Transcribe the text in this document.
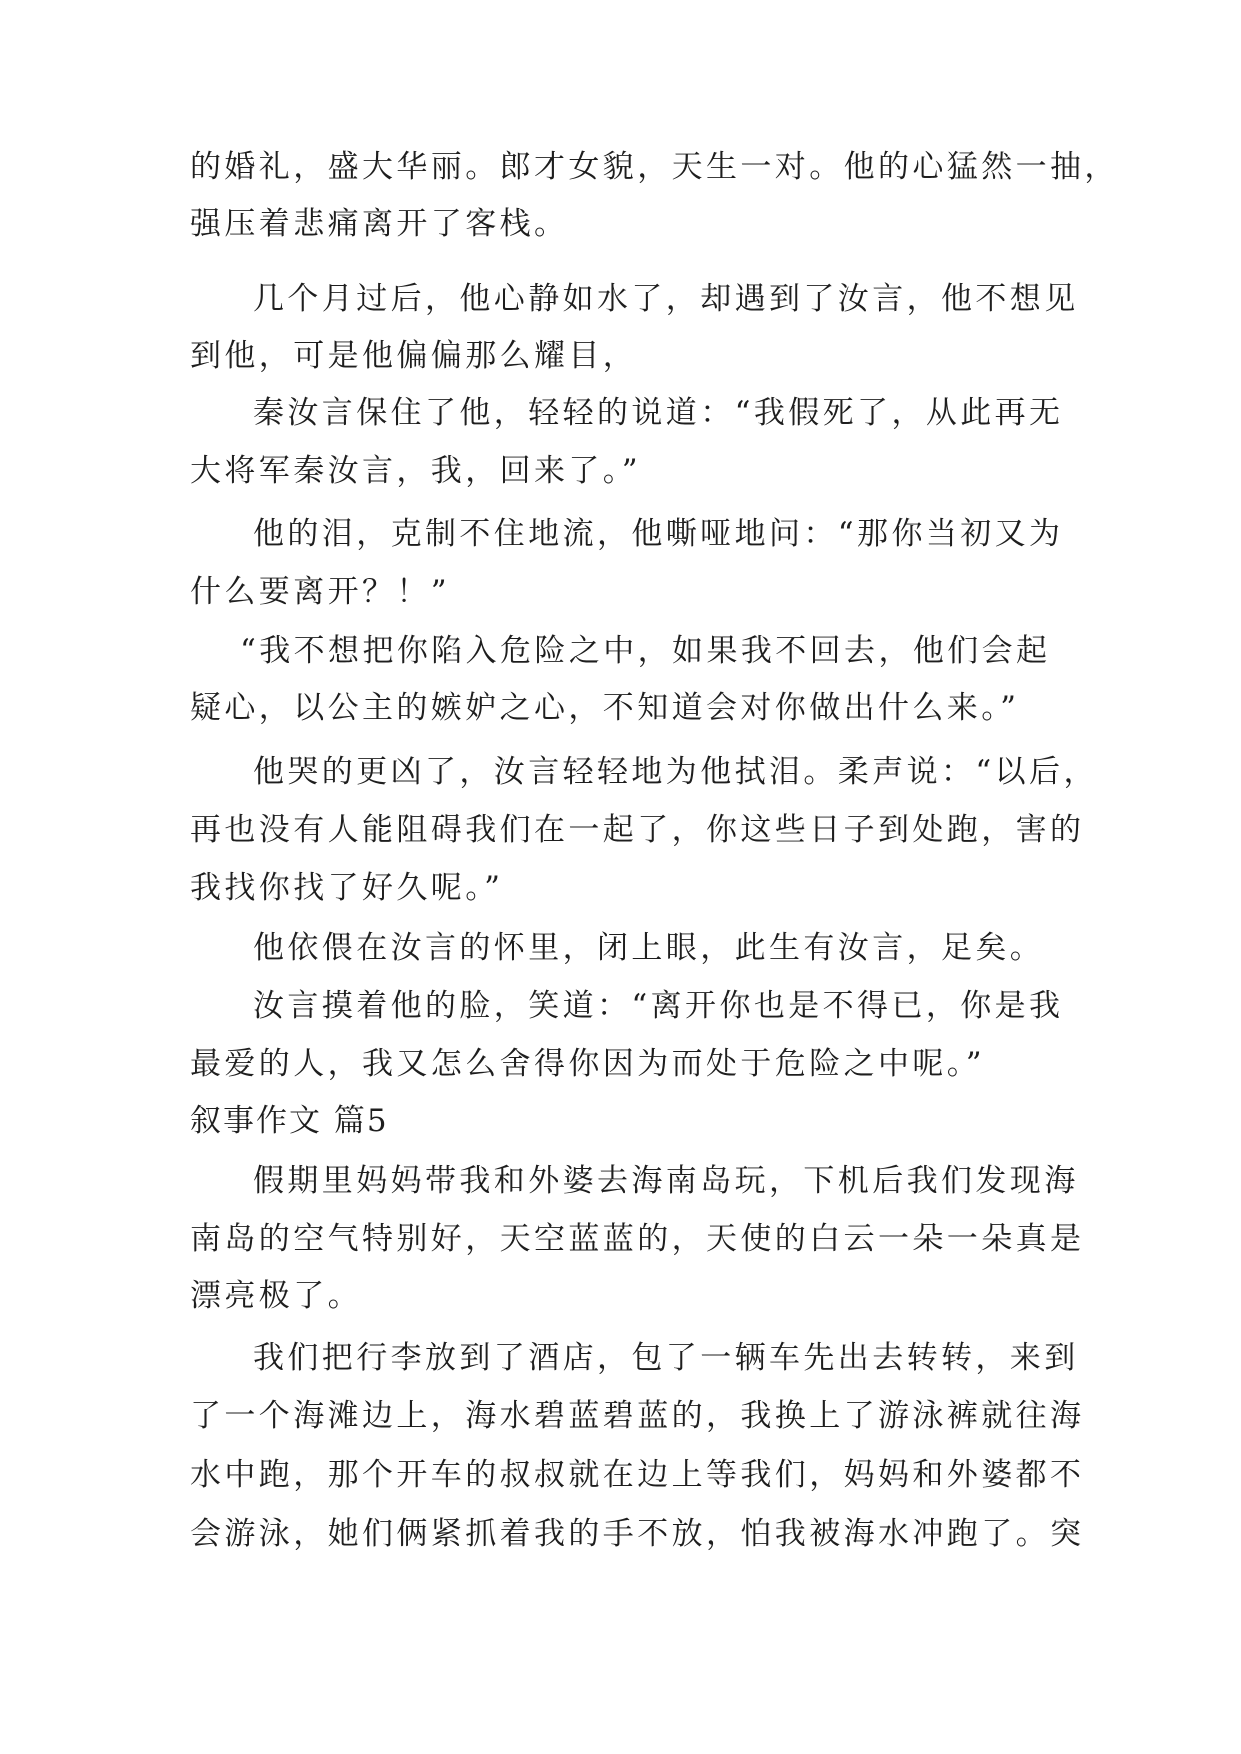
的婚礼，盛大华丽。郎才女貌，天生一对。他的心猛然一抽，
强压着悲痛离开了客栈。
几个月过后，他心静如水了，却遇到了汝言，他不想见
到他，可是他偏偏那么耀目，
秦汝言保住了他，轻轻的说道：“我假死了，从此再无
大将军秦汝言，我，回来了。”
他的泪，克制不住地流，他嘶哑地问：“那你当初又为
什么要离开？！”
“我不想把你陷入危险之中，如果我不回去，他们会起
疑心，以公主的嫉妒之心，不知道会对你做出什么来。”
他哭的更凶了，汝言轻轻地为他拭泪。柔声说：“以后，
再也没有人能阻碍我们在一起了，你这些日子到处跑，害的
我找你找了好久呢。”
他依偎在汝言的怀里，闭上眼，此生有汝言，足矣。
汝言摸着他的脸，笑道：“离开你也是不得已，你是我
最爱的人，我又怎么舍得你因为而处于危险之中呢。”
叙事作文 篇5
假期里妈妈带我和外婆去海南岛玩，下机后我们发现海
南岛的空气特别好，天空蓝蓝的，天使的白云一朵一朵真是
漂亮极了。
我们把行李放到了酒店，包了一辆车先出去转转，来到
了一个海滩边上，海水碧蓝碧蓝的，我换上了游泳裤就往海
水中跑，那个开车的叔叔就在边上等我们，妈妈和外婆都不
会游泳，她们俩紧抓着我的手不放，怕我被海水冲跑了。突
